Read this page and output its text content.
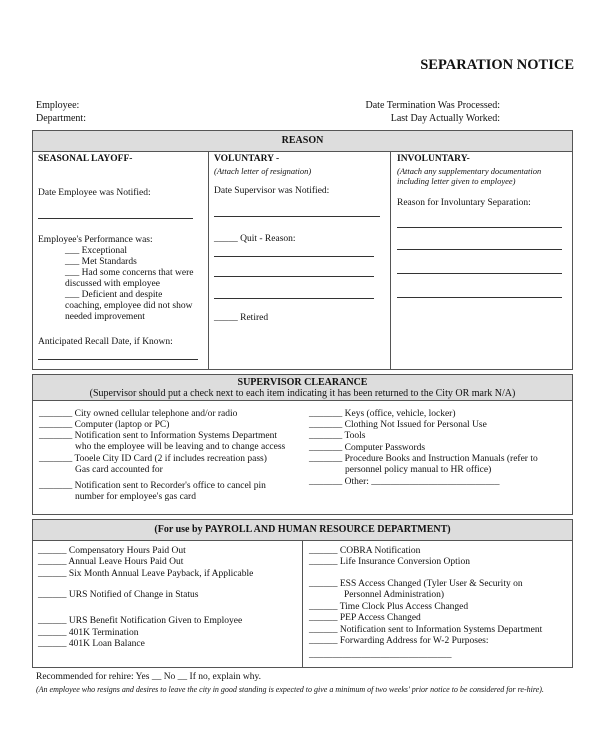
SEPARATION NOTICE
Employee:
Department:
Date Termination Was Processed:
Last Day Actually Worked:
REASON
SEASONAL LAYOFF-
Date Employee was Notified:
Employee's Performance was:
___ Exceptional
___ Met Standards
___ Had some concerns that were
discussed with employee
___ Deficient and despite
coaching, employee did not show
needed improvement
Anticipated Recall Date, if Known:
VOLUNTARY -
(Attach letter of resignation)
Date Supervisor was Notified:
_____ Quit - Reason:
_____ Retired
INVOLUNTARY-
(Attach any supplementary documentation
including letter given to employee)
Reason for Involuntary Separation:
SUPERVISOR CLEARANCE
(Supervisor should put a check next to each item indicating it has been returned to the City OR mark N/A)
_______ City owned cellular telephone and/or radio
_______ Computer (laptop or PC)
_______ Notification sent to Information Systems Department
who the employee will be leaving and to change access
_______ Tooele City ID Card (2 if includes recreation pass)
Gas card accounted for
_______ Notification sent to Recorder's office to cancel pin
number for employee's gas card
_______ Keys (office, vehicle, locker)
_______ Clothing Not Issued for Personal Use
_______ Tools
_______ Computer Passwords
_______ Procedure Books and Instruction Manuals (refer to
personnel policy manual to HR office)
_______ Other: ___________________________
(For use by PAYROLL AND HUMAN RESOURCE DEPARTMENT)
______ Compensatory Hours Paid Out
______ Annual Leave Hours Paid Out
______ Six Month Annual Leave Payback, if Applicable
______ URS Notified of Change in Status
______ URS Benefit Notification Given to Employee
______ 401K Termination
______ 401K Loan Balance
______ COBRA Notification
______ Life Insurance Conversion Option
______ ESS Access Changed (Tyler User & Security on
Personnel Administration)
______ Time Clock Plus Access Changed
______ PEP Access Changed
______ Notification sent to Information Systems Department
______ Forwarding Address for W-2 Purposes:
______________________________
Recommended for rehire: Yes __ No __ If no, explain why.
(An employee who resigns and desires to leave the city in good standing is expected to give a minimum of two weeks' prior notice to be considered for re-hire).
